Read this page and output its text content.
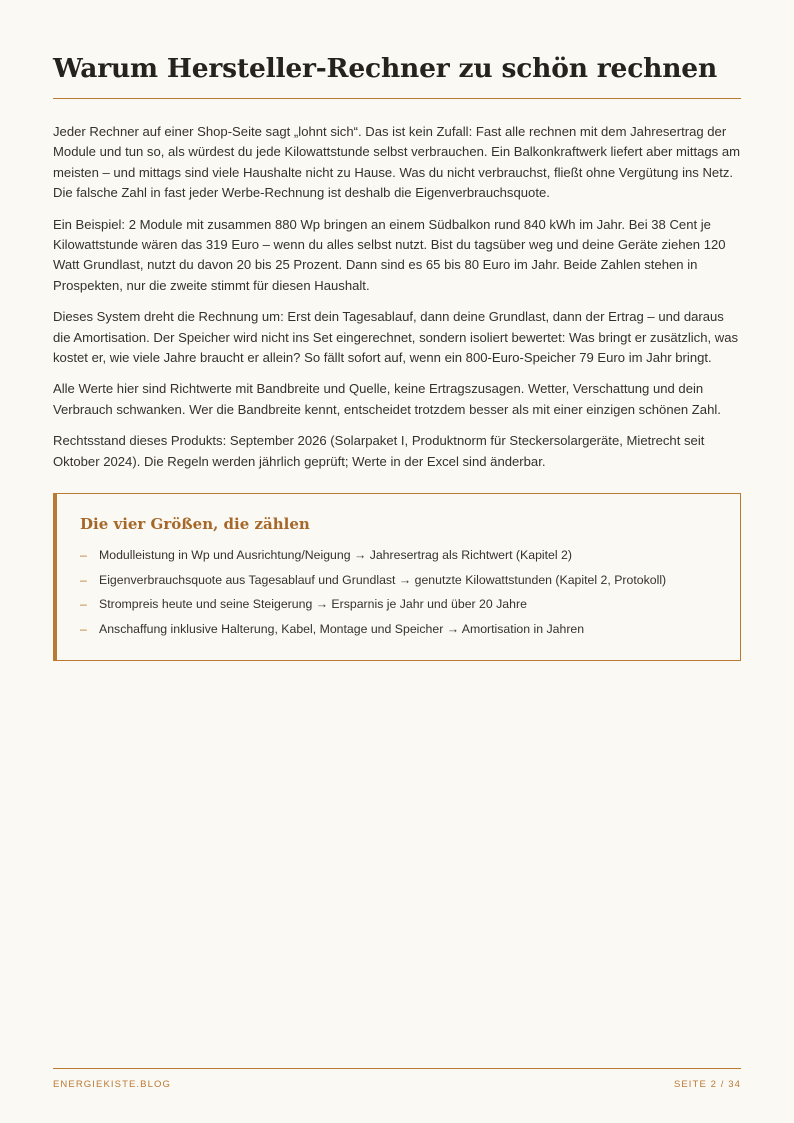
Warum Hersteller-Rechner zu schön rechnen

Jeder Rechner auf einer Shop-Seite sagt „lohnt sich“. Das ist kein Zufall: Fast alle rechnen mit dem Jahresertrag der Module und tun so, als würdest du jede Kilowattstunde selbst verbrauchen. Ein Balkonkraftwerk liefert aber mittags am meisten – und mittags sind viele Haushalte nicht zu Hause. Was du nicht verbrauchst, fließt ohne Vergütung ins Netz. Die falsche Zahl in fast jeder Werbe-Rechnung ist deshalb die Eigenverbrauchsquote.

Ein Beispiel: 2 Module mit zusammen 880 Wp bringen an einem Südbalkon rund 840 kWh im Jahr. Bei 38 Cent je Kilowattstunde wären das 319 Euro – wenn du alles selbst nutzt. Bist du tagsüber weg und deine Geräte ziehen 120 Watt Grundlast, nutzt du davon 20 bis 25 Prozent. Dann sind es 65 bis 80 Euro im Jahr. Beide Zahlen stehen in Prospekten, nur die zweite stimmt für diesen Haushalt.

Dieses System dreht die Rechnung um: Erst dein Tagesablauf, dann deine Grundlast, dann der Ertrag – und daraus die Amortisation. Der Speicher wird nicht ins Set eingerechnet, sondern isoliert bewertet: Was bringt er zusätzlich, was kostet er, wie viele Jahre braucht er allein? So fällt sofort auf, wenn ein 800-Euro-Speicher 79 Euro im Jahr bringt.

Alle Werte hier sind Richtwerte mit Bandbreite und Quelle, keine Ertragszusagen. Wetter, Verschattung und dein Verbrauch schwanken. Wer die Bandbreite kennt, entscheidet trotzdem besser als mit einer einzigen schönen Zahl.

Rechtsstand dieses Produkts: September 2026 (Solarpaket I, Produktnorm für Steckersolargeräte, Mietrecht seit Oktober 2024). Die Regeln werden jährlich geprüft; Werte in der Excel sind änderbar.

Die vier Größen, die zählen
– Modulleistung in Wp und Ausrichtung/Neigung → Jahresertrag als Richtwert (Kapitel 2)
– Eigenverbrauchsquote aus Tagesablauf und Grundlast → genutzte Kilowattstunden (Kapitel 2, Protokoll)
– Strompreis heute und seine Steigerung → Ersparnis je Jahr und über 20 Jahre
– Anschaffung inklusive Halterung, Kabel, Montage und Speicher → Amortisation in Jahren
ENERGIEKISTE.BLOG	SEITE 2 / 34
